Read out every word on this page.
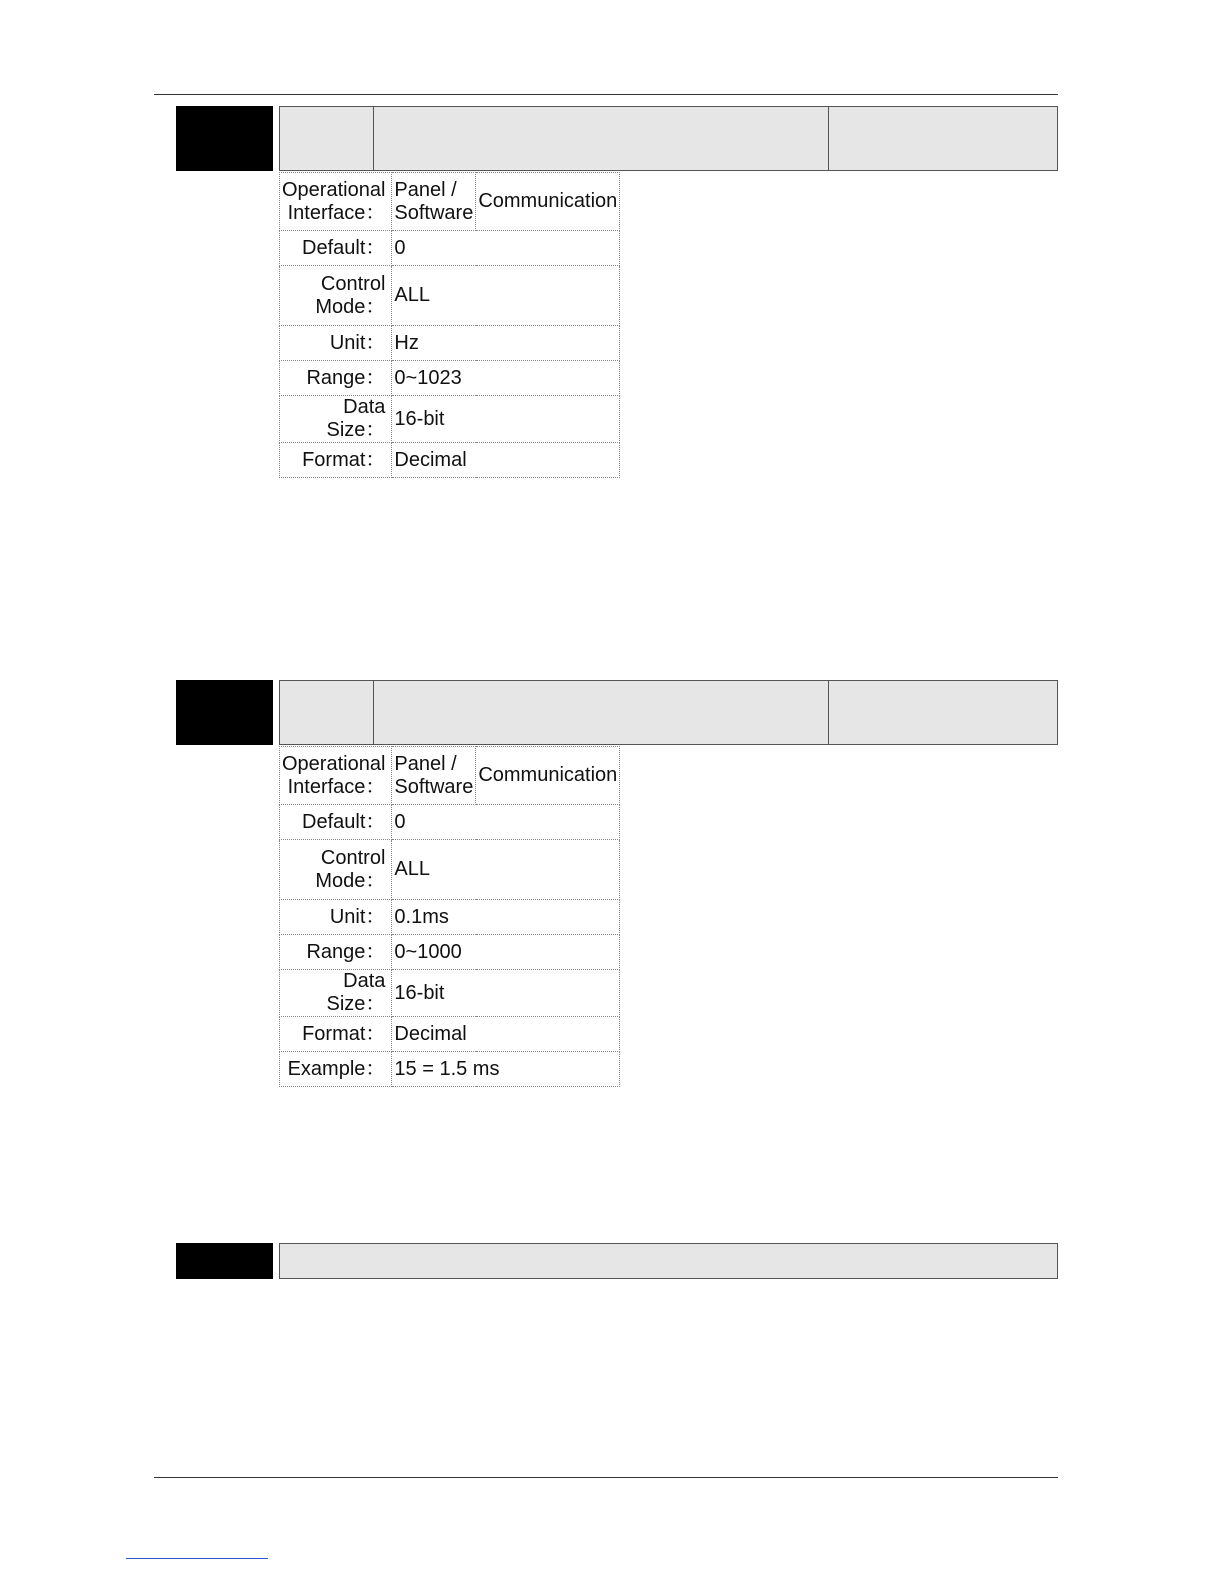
Operational
Interface：	Panel / Software	Communication
Default：	0	
Control
Mode：	ALL	
Unit：	Hz	
Range：	0~1023	
Data Size：	16-bit	
Format：	Decimal	
Operational
Interface：	Panel / Software	Communication
Default：	0	
Control
Mode：	ALL	
Unit：	0.1ms	
Range：	0~1000	
Data Size：	16-bit	
Format：	Decimal	
Example：	15 = 1.5 ms	
